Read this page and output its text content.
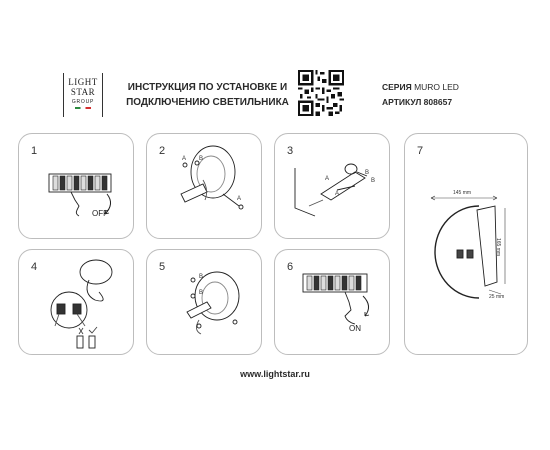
LIGHT
STAR
GROUP
ИНСТРУКЦИЯ ПО УСТАНОВКЕ И
ПОДКЛЮЧЕНИЮ СВЕТИЛЬНИКА
СЕРИЯ MURO LED
АРТИКУЛ 808657
1
OFF
2
A B
A
3
A
B
B
A
4	5
B
B
6
ON
7
145 mm
165 mm
25 mm
www.lightstar.ru
